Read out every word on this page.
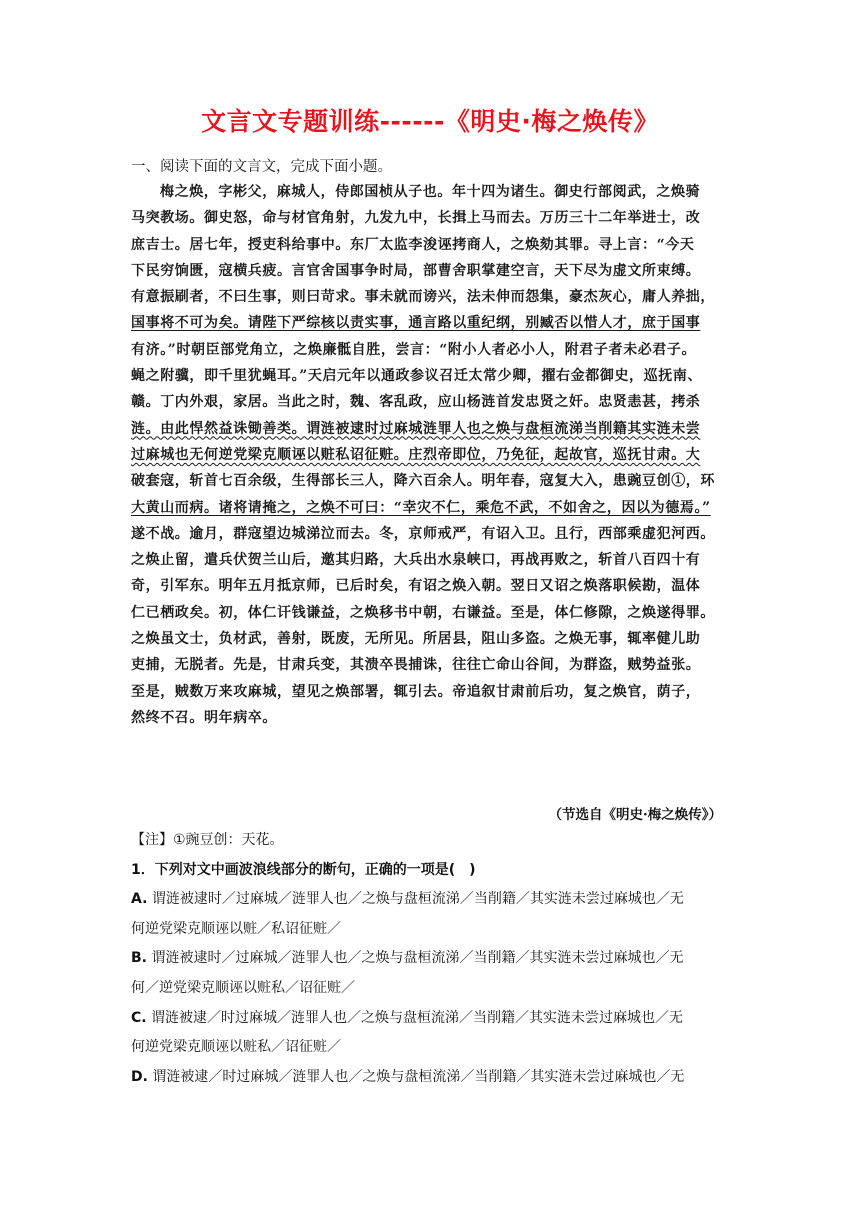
文言文专题训练------《明史·梅之焕传》
一、阅读下面的文言文，完成下面小题。
梅之焕，字彬父，麻城人，侍郎国桢从子也。年十四为诸生。御史行部阅武，之焕骑
马突教场。御史怒，命与材官角射，九发九中，长揖上马而去。万历三十二年举进士，改
庶吉士。居七年，授吏科给事中。东厂太监李浚诬拷商人，之焕劾其罪。寻上言：“今天
下民穷饷匮，寇横兵疲。言官舍国事争时局，部曹舍职掌建空言，天下尽为虚文所束缚。
有意振刷者，不曰生事，则曰苛求。事未就而谤兴，法未伸而怨集，豪杰灰心，庸人养拙，
国事将不可为矣。请陛下严综核以责实事，通言路以重纪纲，别臧否以惜人才，庶于国事
有济。”时朝臣部党角立，之焕廉骶自胜，尝言：“附小人者必小人，附君子者未必君子。
蝇之附骥，即千里犹蝇耳。”天启元年以通政参议召迁太常少卿，擢右金都御史，巡抚南、
赣。丁内外艰，家居。当此之时，魏、客乱政，应山杨涟首发忠贤之奸。忠贤恚甚，拷杀
涟。由此悍然益诛锄善类。谓涟被逮时过麻城涟罪人也之焕与盘桓流涕当削籍其实涟未尝
过麻城也无何逆党梁克顺诬以赃私诏征赃。庄烈帝即位，乃免征，起故官，巡抚甘肃。大
破套寇，斩首七百余级，生得部长三人，降六百余人。明年春，寇复大入，患豌豆创①，环
大黄山而病。诸将请掩之，之焕不可曰：“幸灾不仁，乘危不武，不如舍之，因以为德焉。”
遂不战。逾月，群寇望边城涕泣而去。冬，京师戒严，有诏入卫。且行，西部乘虚犯河西。
之焕止留，遣兵伏贺兰山后，邀其归路，大兵出水泉峡口，再战再败之，斩首八百四十有
奇，引军东。明年五月抵京师，已后时矣，有诏之焕入朝。翌日又诏之焕落职候勘，温体
仁已栖政矣。初，体仁讦钱谦益，之焕移书中朝，右谦益。至是，体仁修隙，之焕遂得罪。
之焕虽文士，负材武，善射，既废，无所见。所居县，阻山多盗。之焕无事，辄率健儿助
吏捕，无脱者。先是，甘肃兵变，其溃卒畏捕诛，往往亡命山谷间，为群盗，贼势益张。
至是，贼数万来攻麻城，望见之焕部署，辄引去。帝追叙甘肃前后功，复之焕官，荫子，
然终不召。明年病卒。
（节选自《明史·梅之焕传》）
【注】①豌豆创：天花。
1．下列对文中画波浪线部分的断句，正确的一项是(　)
A. 谓涟被逮时／过麻城／涟罪人也／之焕与盘桓流涕／当削籍／其实涟未尝过麻城也／无
何逆党梁克顺诬以赃／私诏征赃／
B. 谓涟被逮时／过麻城／涟罪人也／之焕与盘桓流涕／当削籍／其实涟未尝过麻城也／无
何／逆党梁克顺诬以赃私／诏征赃／
C. 谓涟被逮／时过麻城／涟罪人也／之焕与盘桓流涕／当削籍／其实涟未尝过麻城也／无
何逆党梁克顺诬以赃私／诏征赃／
D. 谓涟被逮／时过麻城／涟罪人也／之焕与盘桓流涕／当削籍／其实涟未尝过麻城也／无
